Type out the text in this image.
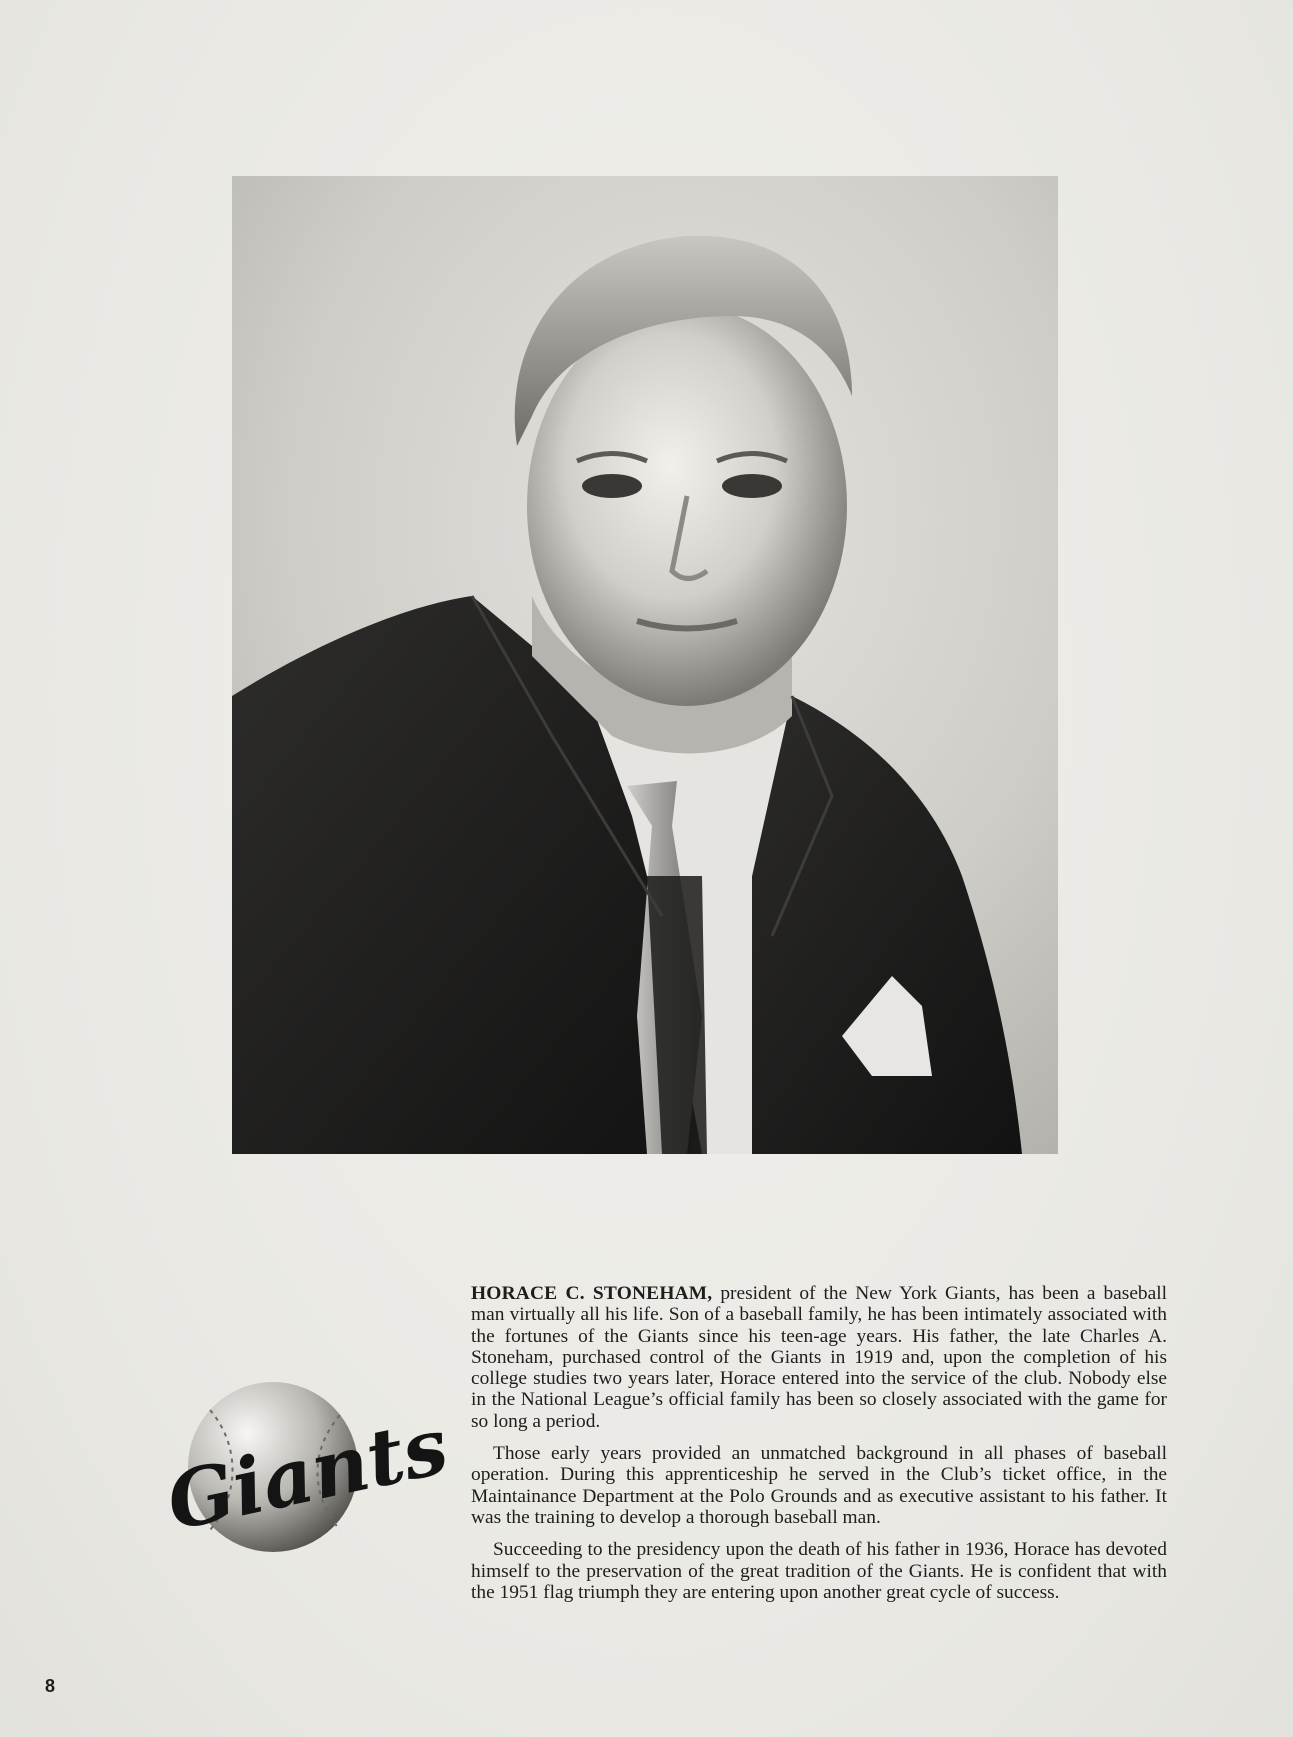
Giants

HORACE C. STONEHAM, president of the New York Giants, has been a baseball man virtually all his life. Son of a baseball family, he has been intimately associated with the fortunes of the Giants since his teen-age years. His father, the late Charles A. Stoneham, purchased control of the Giants in 1919 and, upon the completion of his college studies two years later, Horace entered into the service of the club. Nobody else in the National League’s official family has been so closely associated with the game for so long a period.

Those early years provided an unmatched background in all phases of baseball operation. During this apprenticeship he served in the Club’s ticket office, in the Maintainance Department at the Polo Grounds and as executive assistant to his father. It was the training to develop a thorough baseball man.

Succeeding to the presidency upon the death of his father in 1936, Horace has devoted himself to the preservation of the great tradition of the Giants. He is confident that with the 1951 flag triumph they are entering upon another great cycle of success.

8
